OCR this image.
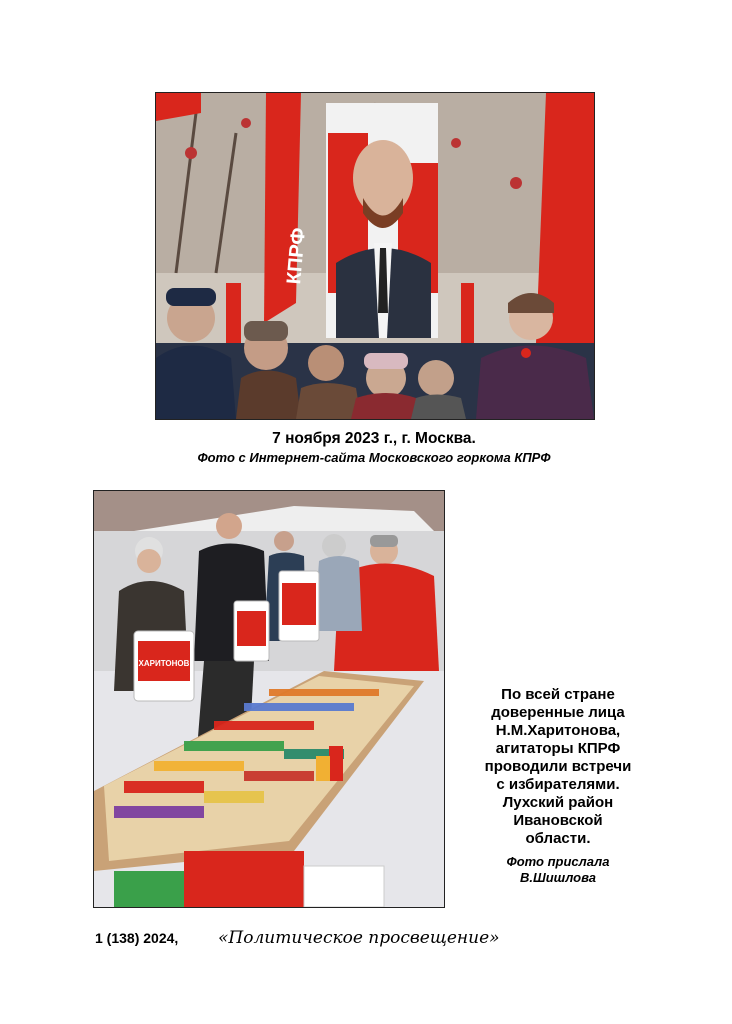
КПРФ
7 ноября 2023 г., г. Москва.
Фото с Интернет-сайта Московского горкома КПРФ
ХАРИТОНОВ
По всей стране
доверенные лица
Н.М.Харитонова,
агитаторы КПРФ
проводили встречи
с избирателями.
Лухский район
Ивановской
области.
Фото прислала
В.Шишлова
1 (138) 2024, «Политическое просвещение»
